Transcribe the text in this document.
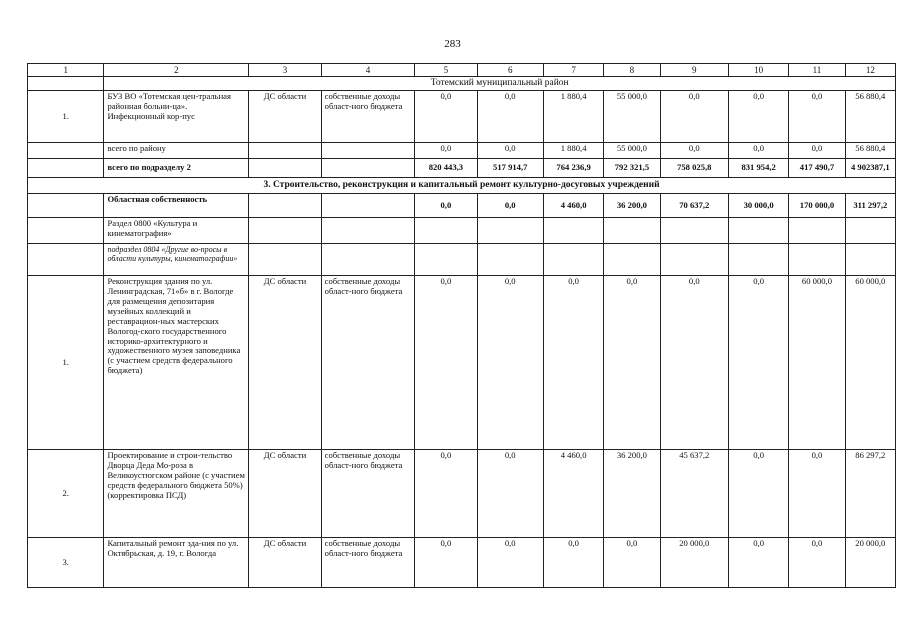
283
1	2	3	4	5	6	7	8	9	10	11	12
	Тотемский муниципальный район										
1.	БУЗ ВО «Тотемская цен-тральная районная больни-ца». Инфекционный кор-пус	ДС области	собственные доходы област-ного бюджета	0,0	0,0	1 880,4	55 000,0	0,0	0,0	0,0	56 880,4
	всего по району			0,0	0,0	1 880,4	55 000,0	0,0	0,0	0,0	56 880,4
	всего по подразделу 2			820 443,3	517 914,7	764 236,9	792 321,5	758 025,8	831 954,2	417 490,7	4 902387,1
3. Строительство, реконструкция и капитальный ремонт культурно-досуговых учреждений											
	Областная собственность			0,0	0,0	4 460,0	36 200,0	70 637,2	30 000,0	170 000,0	311 297,2
	Раздел 0800 «Культура и кинематография»										
	подраздел 0804 «Другие во-просы в области культуры, кинематографии»										
1.	Реконструкция здания по ул. Ленинградская, 71«б» в г. Вологде для размещения депозитария музейных коллекций и реставрацион-ных мастерских Вологод-ского государственного историко-архитектурного и художественного музея заповедника (с участием средств федерального бюджета)	ДС области	собственные доходы област-ного бюджета	0,0	0,0	0,0	0,0	0,0	0,0	60 000,0	60 000,0
2.	Проектирование и строи-тельство Дворца Деда Мо-роза в Великоустюгском районе (с участием средств федерального бюджета 50%) (корректировка ПСД)	ДС области	собственные доходы област-ного бюджета	0,0	0,0	4 460,0	36 200,0	45 637,2	0,0	0,0	86 297,2
3.	Капитальный ремонт зда-ния по ул. Октябрьская, д. 19, г. Вологда	ДС области	собственные доходы област-ного бюджета	0,0	0,0	0,0	0,0	20 000,0	0,0	0,0	20 000,0
